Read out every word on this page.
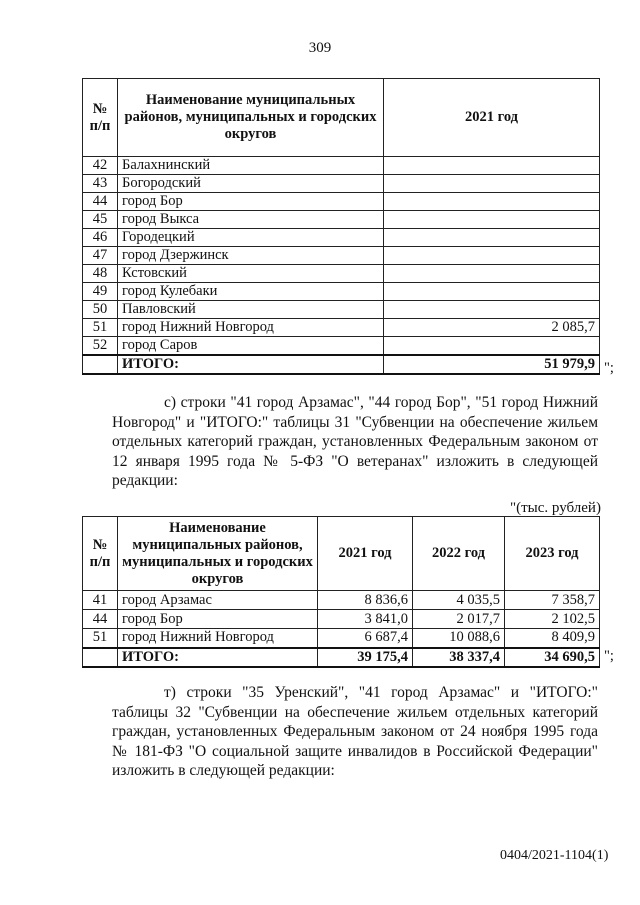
309
№ п/п	Наименование муниципальных районов, муниципальных и городских округов	2021 год
42	Балахнинский	
43	Богородский	
44	город Бор	
45	город Выкса	
46	Городецкий	
47	город Дзержинск	
48	Кстовский	
49	город Кулебаки	
50	Павловский	
51	город Нижний Новгород	2 085,7
52	город Саров	
	ИТОГО:	51 979,9 ";

с) строки "41 город Арзамас", "44 город Бор", "51 город Нижний Новгород" и "ИТОГО:" таблицы 31 "Субвенции на обеспечение жильем отдельных категорий граждан, установленных Федеральным законом от 12 января 1995 года № 5-ФЗ "О ветеранах" изложить в следующей редакции:

"(тыс. рублей)
№ п/п	Наименование муниципальных районов, муниципальных и городских округов	2021 год	2022 год	2023 год
41	город Арзамас	8 836,6	4 035,5	7 358,7
44	город Бор	3 841,0	2 017,7	2 102,5
51	город Нижний Новгород	6 687,4	10 088,6	8 409,9
	ИТОГО:	39 175,4	38 337,4	34 690,5 ";

т) строки "35 Уренский", "41 город Арзамас" и "ИТОГО:" таблицы 32 "Субвенции на обеспечение жильем отдельных категорий граждан, установленных Федеральным законом от 24 ноября 1995 года № 181-ФЗ "О социальной защите инвалидов в Российской Федерации" изложить в следующей редакции:

0404/2021-1104(1)
